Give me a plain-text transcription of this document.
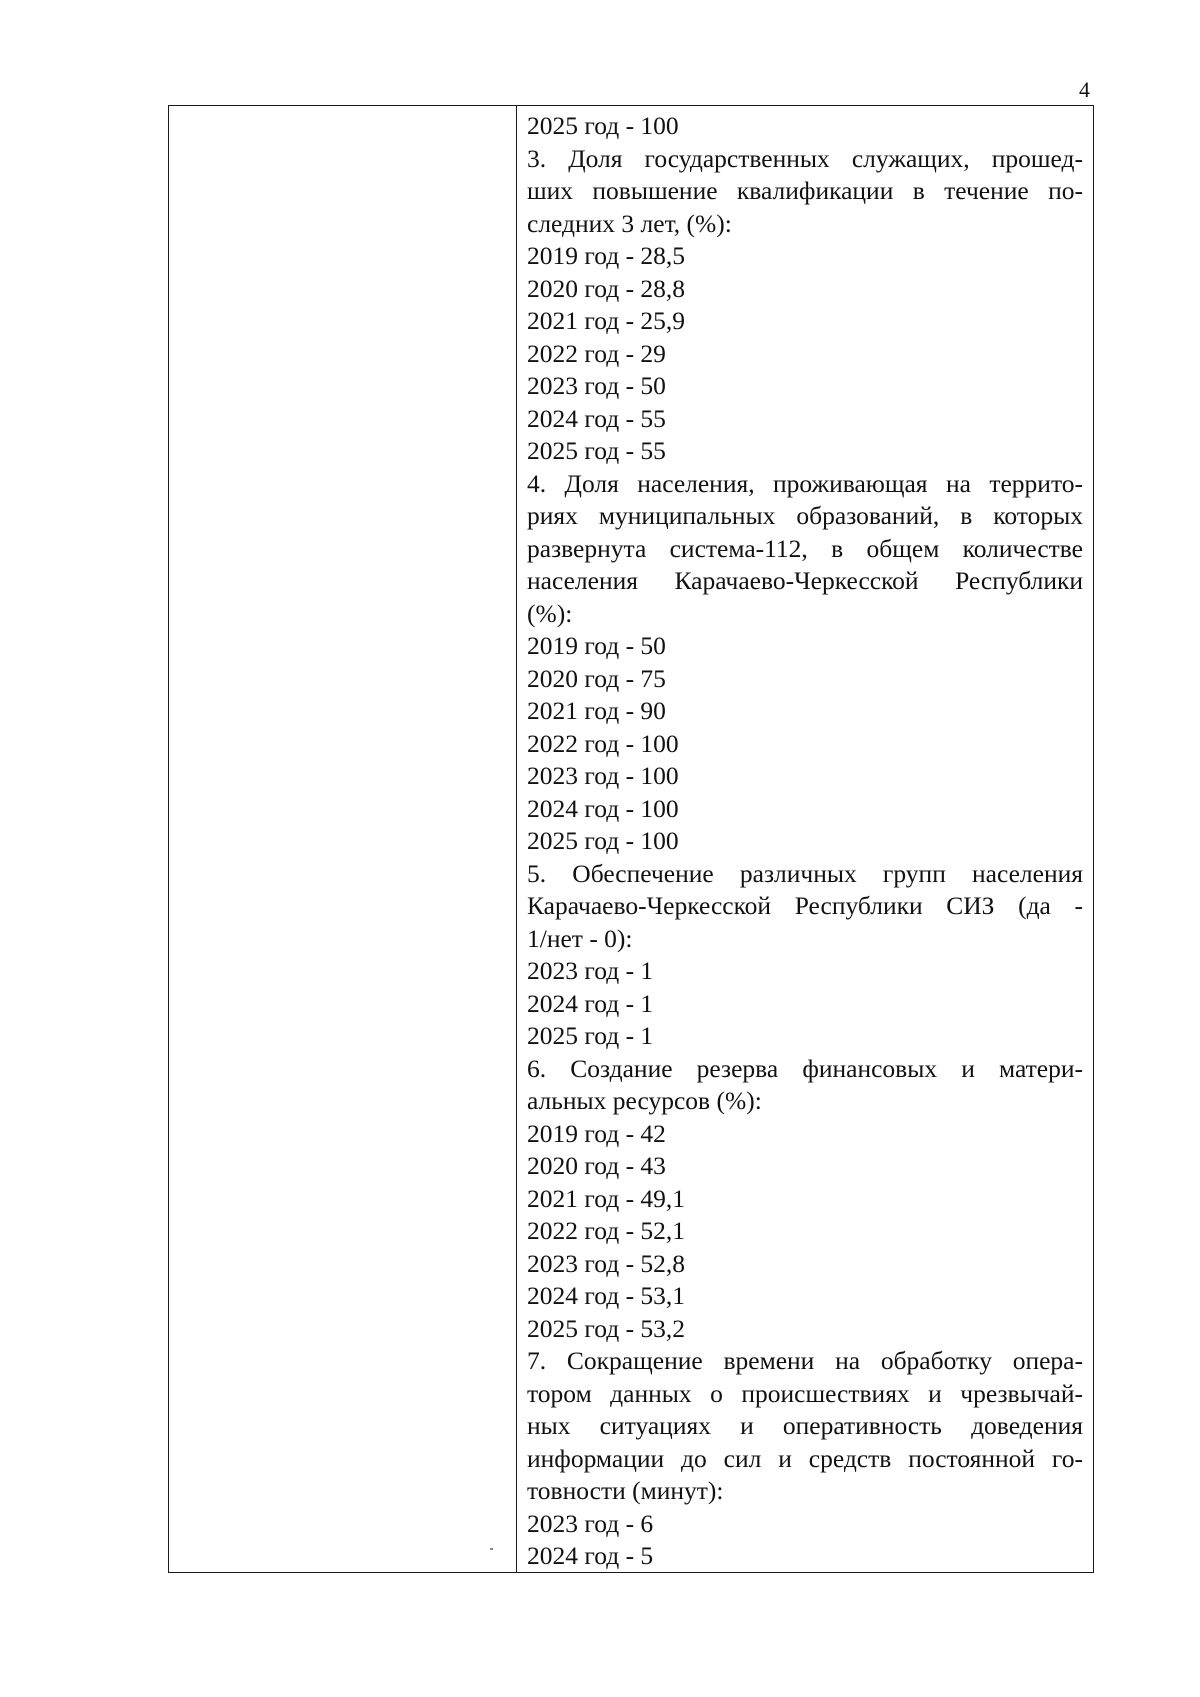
4

2025 год - 100

3. Доля государственных служащих, прошед-

ших повышение квалификации в течение по-

следних 3 лет, (%):

2019 год - 28,5

2020 год - 28,8

2021 год - 25,9

2022 год - 29

2023 год - 50

2024 год - 55

2025 год - 55

4. Доля населения, проживающая на террито-

риях муниципальных образований, в которых

развернута система-112, в общем количестве

населения Карачаево-Черкесской Республики

(%):

2019 год - 50

2020 год - 75

2021 год - 90

2022 год - 100

2023 год - 100

2024 год - 100

2025 год - 100

5. Обеспечение различных групп населения

Карачаево-Черкесской Республики СИЗ (да -

1/нет - 0):

2023 год - 1

2024 год - 1

2025 год - 1

6. Создание резерва финансовых и матери-

альных ресурсов (%):

2019 год - 42

2020 год - 43

2021 год - 49,1

2022 год - 52,1

2023 год - 52,8

2024 год - 53,1

2025 год - 53,2

7. Сокращение времени на обработку опера-

тором данных о происшествиях и чрезвычай-

ных ситуациях и оперативность доведения

информации до сил и средств постоянной го-

товности (минут):

2023 год - 6

2024 год - 5
